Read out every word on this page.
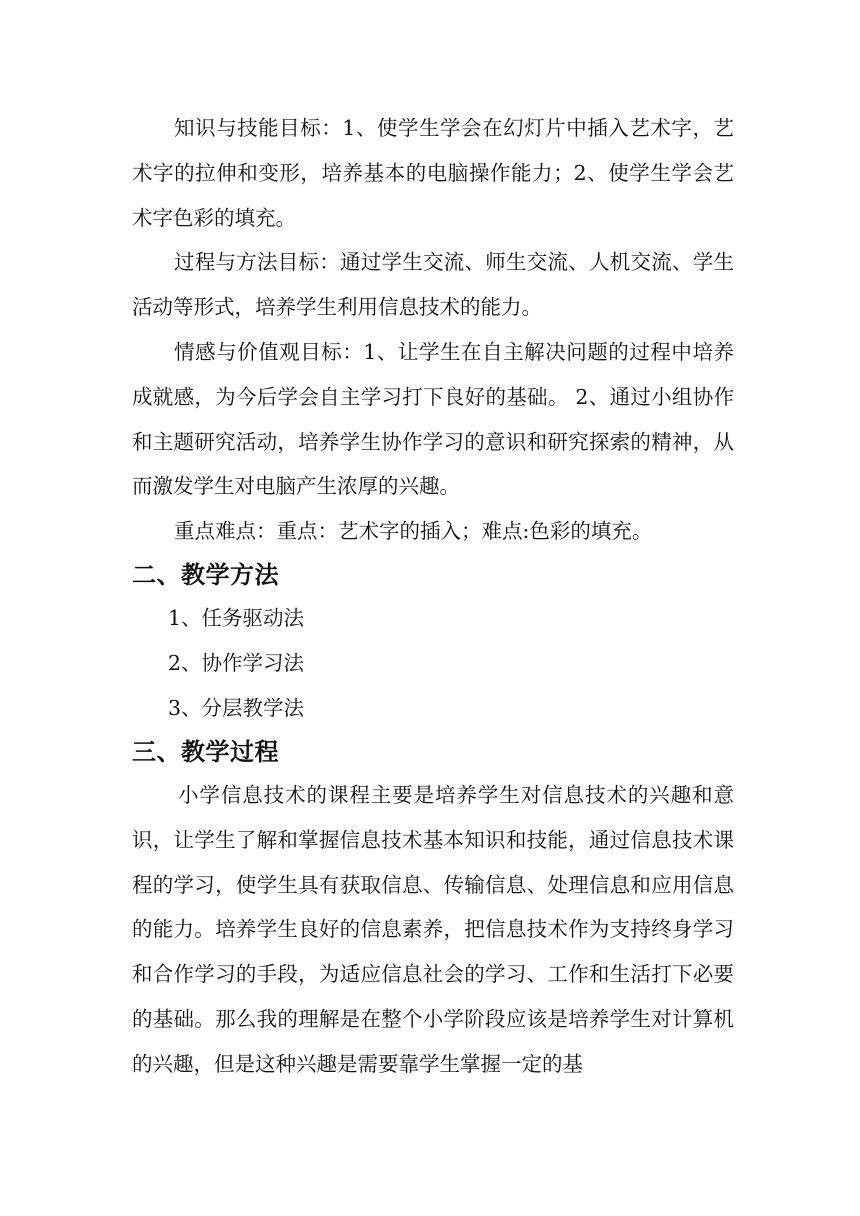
知识与技能目标：1、使学生学会在幻灯片中插入艺术字，艺术字的拉伸和变形，培养基本的电脑操作能力；2、使学生学会艺术字色彩的填充。

过程与方法目标：通过学生交流、师生交流、人机交流、学生活动等形式，培养学生利用信息技术的能力。

情感与价值观目标：1、让学生在自主解决问题的过程中培养成就感，为今后学会自主学习打下良好的基础。 2、通过小组协作和主题研究活动，培养学生协作学习的意识和研究探索的精神，从而激发学生对电脑产生浓厚的兴趣。

重点难点：重点：艺术字的插入；难点:色彩的填充。

二、教学方法

1、任务驱动法

2、协作学习法

3、分层教学法

三、教学过程

小学信息技术的课程主要是培养学生对信息技术的兴趣和意识，让学生了解和掌握信息技术基本知识和技能，通过信息技术课程的学习，使学生具有获取信息、传输信息、处理信息和应用信息的能力。培养学生良好的信息素养，把信息技术作为支持终身学习和合作学习的手段，为适应信息社会的学习、工作和生活打下必要的基础。那么我的理解是在整个小学阶段应该是培养学生对计算机的兴趣，但是这种兴趣是需要靠学生掌握一定的基
